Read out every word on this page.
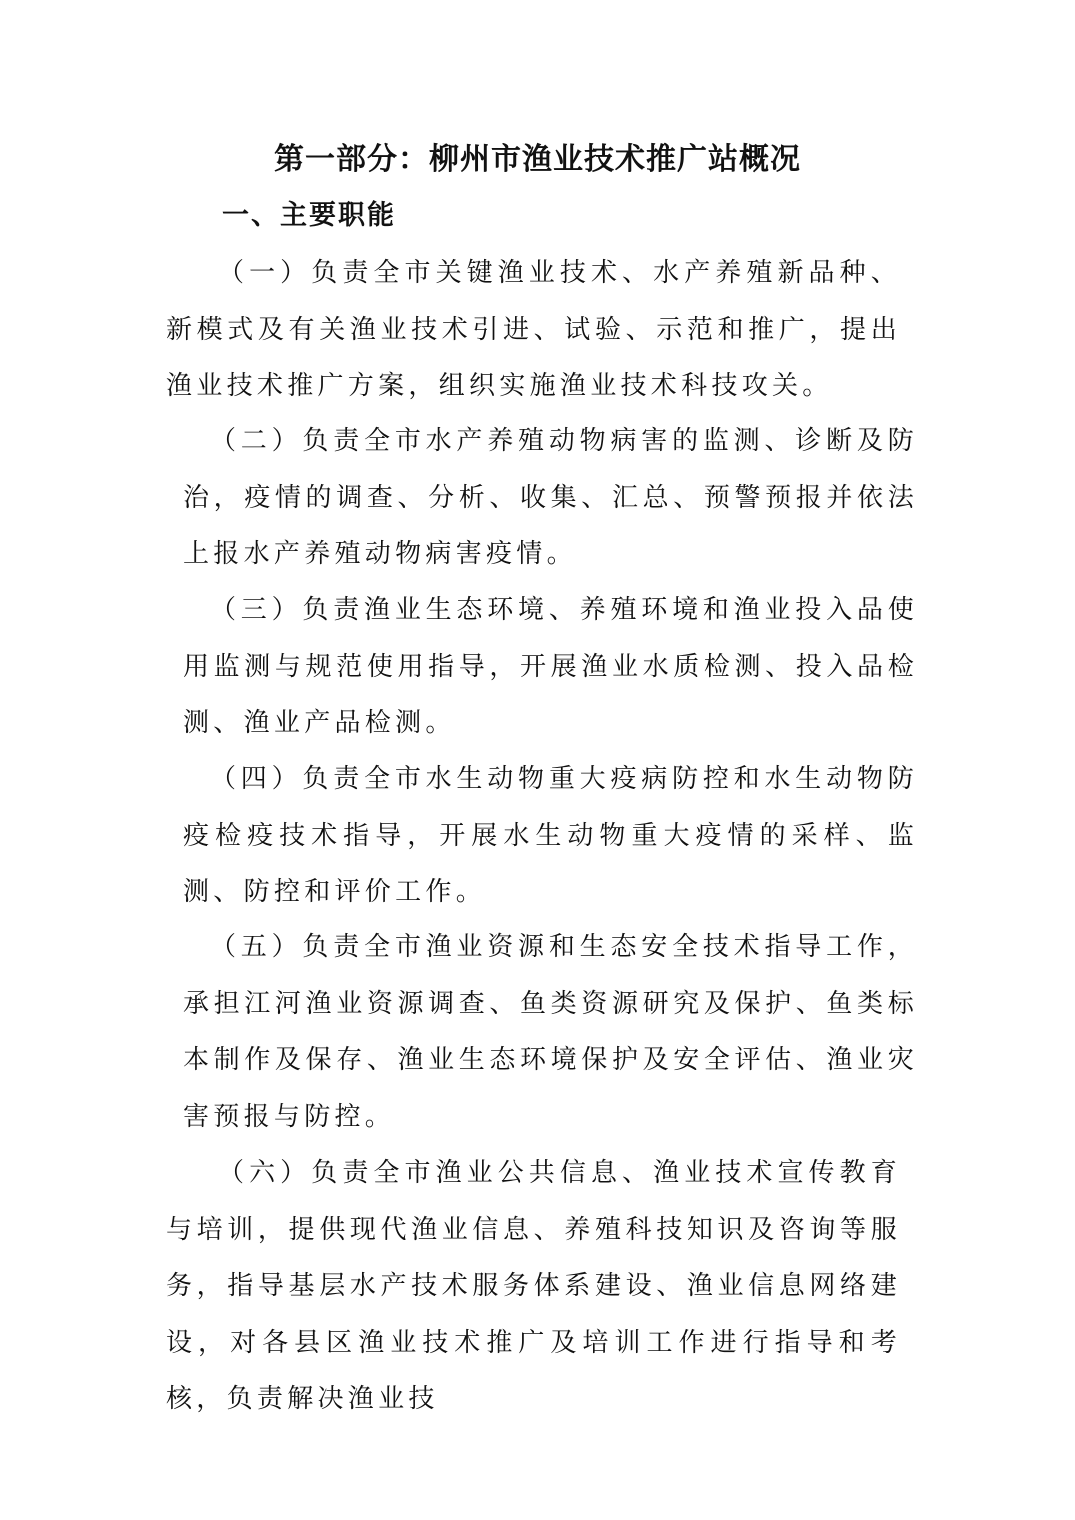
第一部分：柳州市渔业技术推广站概况
一、主要职能

（一）负责全市关键渔业技术、水产养殖新品种、新模式及有关渔业技术引进、试验、示范和推广，提出渔业技术推广方案，组织实施渔业技术科技攻关。

（二）负责全市水产养殖动物病害的监测、诊断及防治，疫情的调查、分析、收集、汇总、预警预报并依法上报水产养殖动物病害疫情。

（三）负责渔业生态环境、养殖环境和渔业投入品使用监测与规范使用指导，开展渔业水质检测、投入品检测、渔业产品检测。

（四）负责全市水生动物重大疫病防控和水生动物防疫检疫技术指导，开展水生动物重大疫情的采样、监测、防控和评价工作。

（五）负责全市渔业资源和生态安全技术指导工作，承担江河渔业资源调查、鱼类资源研究及保护、鱼类标本制作及保存、渔业生态环境保护及安全评估、渔业灾害预报与防控。

（六）负责全市渔业公共信息、渔业技术宣传教育与培训，提供现代渔业信息、养殖科技知识及咨询等服务，指导基层水产技术服务体系建设、渔业信息网络建设，对各县区渔业技术推广及培训工作进行指导和考核，负责解决渔业技
